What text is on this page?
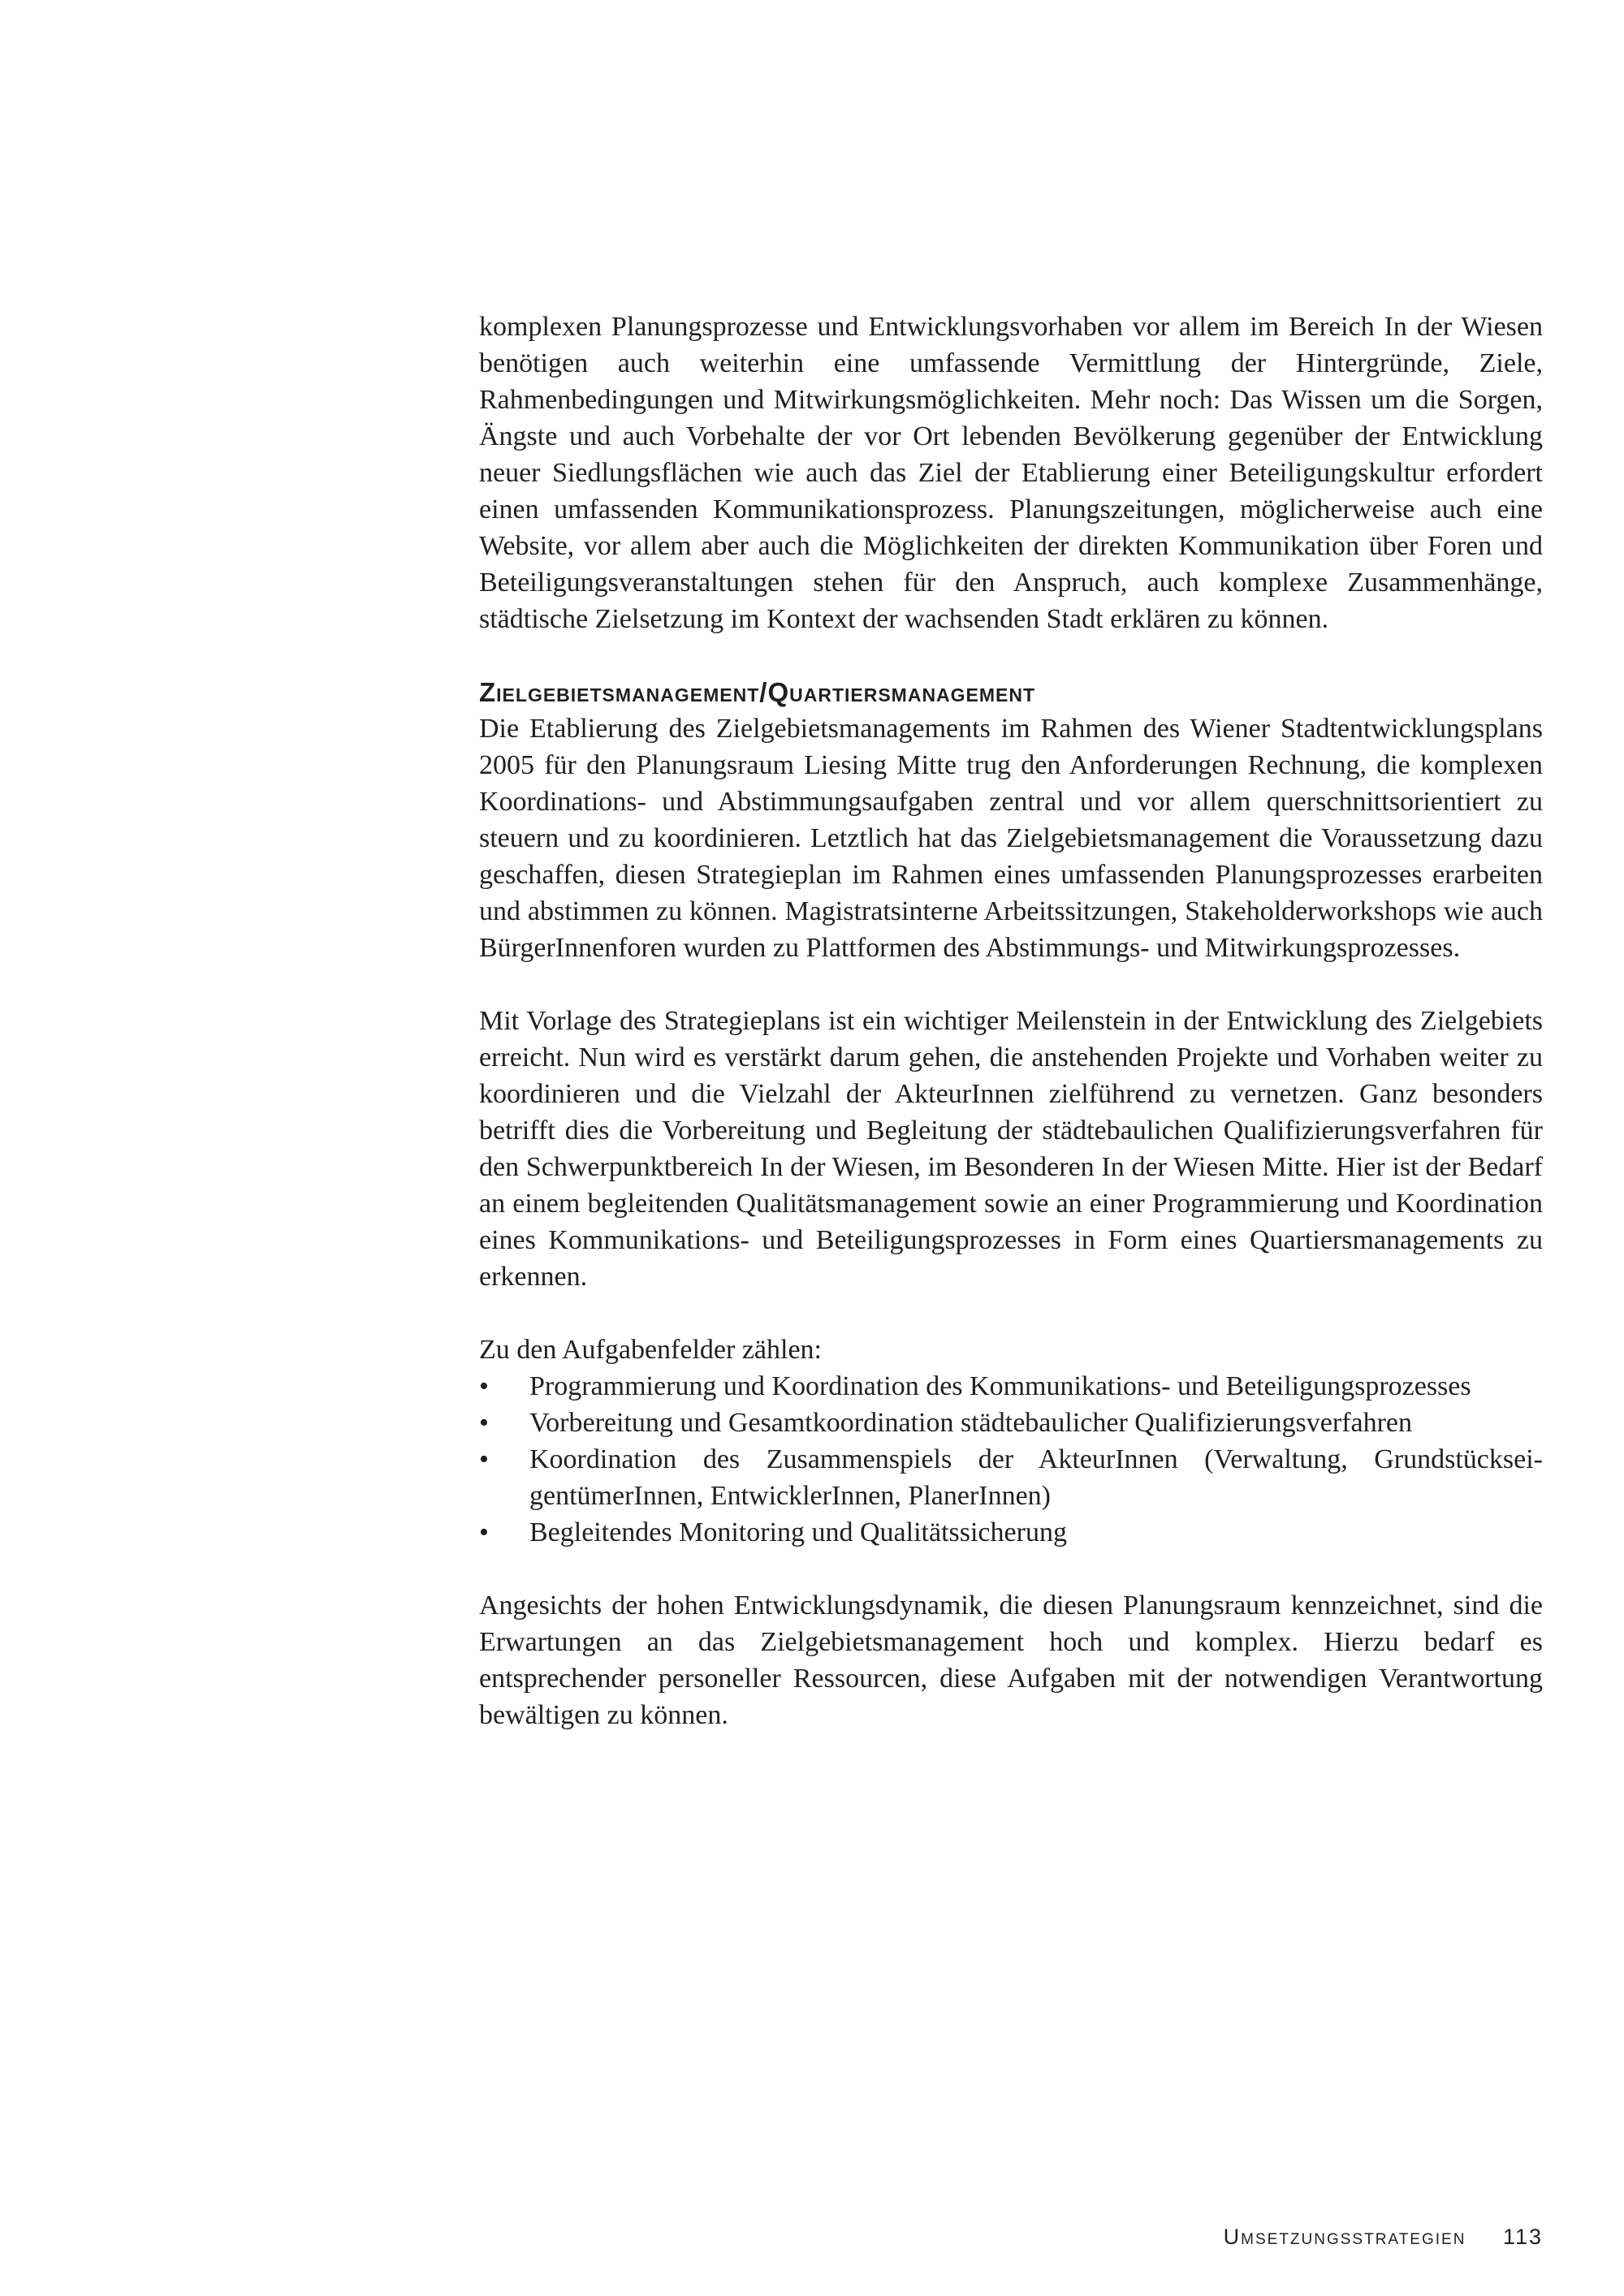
komplexen Planungsprozesse und Entwicklungsvorhaben vor allem im Bereich In der Wiesen benötigen auch weiterhin eine umfassende Vermittlung der Hintergründe, Ziele, Rahmenbedingungen und Mitwirkungsmöglichkeiten. Mehr noch: Das Wissen um die Sorgen, Ängste und auch Vorbehalte der vor Ort lebenden Bevölkerung gegenüber der Entwicklung neuer Siedlungsflächen wie auch das Ziel der Etablierung einer Beteiligungskultur erfordert einen umfassenden Kommunikationsprozess. Planungszeitungen, möglicherweise auch eine Website, vor allem aber auch die Möglichkeiten der direkten Kommunikation über Foren und Beteiligungsveranstaltungen stehen für den Anspruch, auch komplexe Zusammenhänge, städtische Zielsetzung im Kontext der wachsenden Stadt erklären zu können.

Zielgebietsmanagement/Quartiersmanagement

Die Etablierung des Zielgebietsmanagements im Rahmen des Wiener Stadtentwicklungsplans 2005 für den Planungsraum Liesing Mitte trug den Anforderungen Rechnung, die komplexen Koordinations- und Abstimmungsaufgaben zentral und vor allem querschnittsorientiert zu steuern und zu koordinieren. Letztlich hat das Zielgebietsmanagement die Voraussetzung dazu geschaffen, diesen Strategieplan im Rahmen eines umfassenden Planungsprozesses erarbeiten und abstimmen zu können. Magistratsinterne Arbeitssitzungen, Stakeholderworkshops wie auch BürgerInnenforen wurden zu Plattformen des Abstimmungs- und Mitwirkungsprozesses.

Mit Vorlage des Strategieplans ist ein wichtiger Meilenstein in der Entwicklung des Zielgebiets erreicht. Nun wird es verstärkt darum gehen, die anstehenden Projekte und Vorhaben weiter zu koordinieren und die Vielzahl der AkteurInnen zielführend zu vernetzen. Ganz besonders betrifft dies die Vorbereitung und Begleitung der städtebaulichen Qualifizierungsverfahren für den Schwerpunktbereich In der Wiesen, im Besonderen In der Wiesen Mitte. Hier ist der Bedarf an einem begleitenden Qualitätsmanagement sowie an einer Programmierung und Koordination eines Kommunikations- und Beteiligungsprozesses in Form eines Quartiersmanagements zu erkennen.

Zu den Aufgabenfelder zählen:

• Programmierung und Koordination des Kommunikations- und Beteiligungsprozesses
• Vorbereitung und Gesamtkoordination städtebaulicher Qualifizierungsverfahren
• Koordination des Zusammenspiels der AkteurInnen (Verwaltung, GrundstückseigentümerInnen, EntwicklerInnen, PlanerInnen)
• Begleitendes Monitoring und Qualitätssicherung

Angesichts der hohen Entwicklungsdynamik, die diesen Planungsraum kennzeichnet, sind die Erwartungen an das Zielgebietsmanagement hoch und komplex. Hierzu bedarf es entsprechender personeller Ressourcen, diese Aufgaben mit der notwendigen Verantwortung bewältigen zu können.

Umsetzungsstrategien 113
